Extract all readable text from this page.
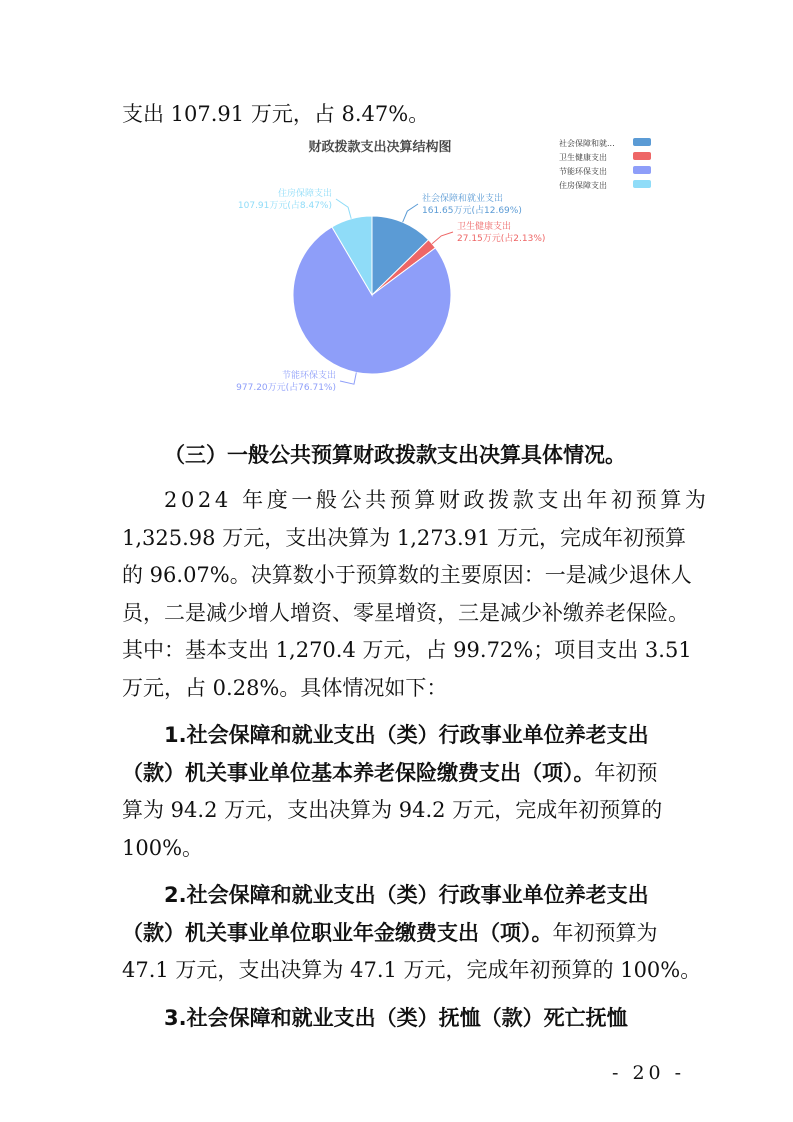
支出 107.91 万元，占 8.47%。
财政拨款支出决算结构图	社会保障和就...
卫生健康支出
节能环保支出
住房保障支出
社会保障和就业支出
161.65万元(占12.69%)
卫生健康支出
27.15万元(占2.13%)
节能环保支出
977.20万元(占76.71%)
住房保障支出
107.91万元(占8.47%)
（三）一般公共预算财政拨款支出决算具体情况。
2024 年度一般公共预算财政拨款支出年初预算为
1,325.98 万元，支出决算为 1,273.91 万元，完成年初预算
的 96.07%。决算数小于预算数的主要原因：一是减少退休人
员，二是减少增人增资、零星增资，三是减少补缴养老保险。
其中：基本支出 1,270.4 万元，占 99.72%；项目支出 3.51
万元，占 0.28%。具体情况如下：
1.社会保障和就业支出（类）行政事业单位养老支出
（款）机关事业单位基本养老保险缴费支出（项）。年初预
算为 94.2 万元，支出决算为 94.2 万元，完成年初预算的
100%。
2.社会保障和就业支出（类）行政事业单位养老支出
（款）机关事业单位职业年金缴费支出（项）。年初预算为
47.1 万元，支出决算为 47.1 万元，完成年初预算的 100%。
3.社会保障和就业支出（类）抚恤（款）死亡抚恤
- 20 -
